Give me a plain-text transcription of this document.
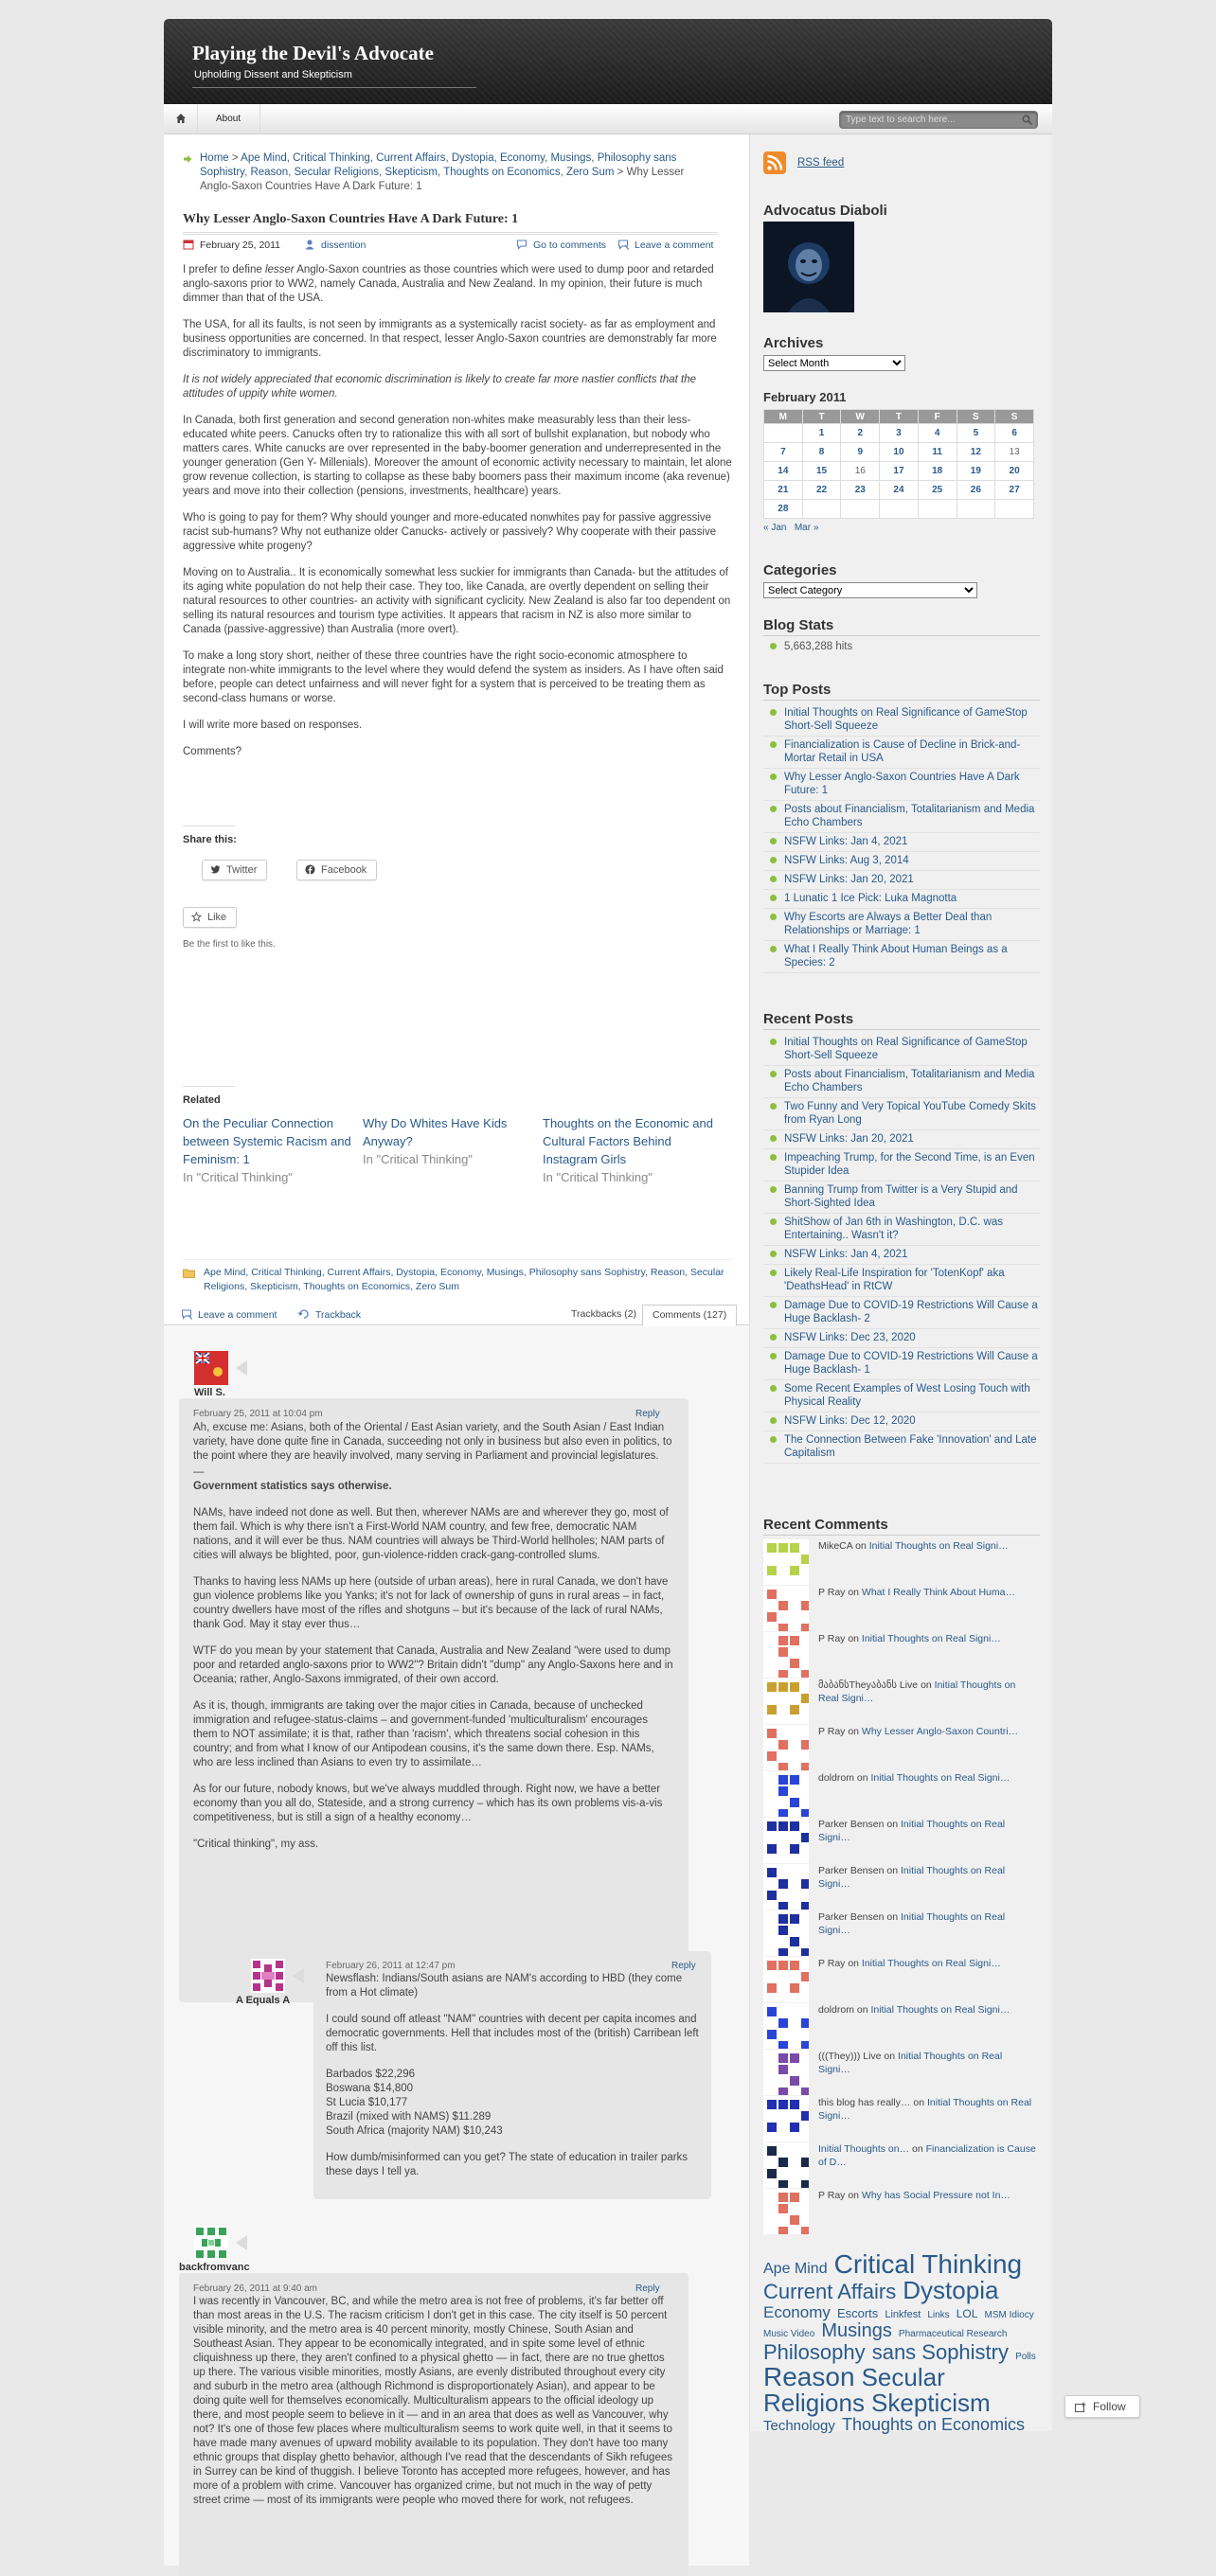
Playing the Devil's Advocate
Upholding Dissent and Skepticism
About
Type text to search here...
Home > Ape Mind, Critical Thinking, Current Affairs, Dystopia, Economy, Musings, Philosophy sans Sophistry, Reason, Secular Religions, Skepticism, Thoughts on Economics, Zero Sum > Why Lesser Anglo-Saxon Countries Have A Dark Future: 1
Why Lesser Anglo-Saxon Countries Have A Dark Future: 1
February 25, 2011	dissention	Go to comments	Leave a comment

I prefer to define lesser Anglo-Saxon countries as those countries which were used to dump poor and retarded anglo-saxons prior to WW2, namely Canada, Australia and New Zealand. In my opinion, their future is much dimmer than that of the USA.

The USA, for all its faults, is not seen by immigrants as a systemically racist society- as far as employment and business opportunities are concerned. In that respect, lesser Anglo-Saxon countries are demonstrably far more discriminatory to immigrants.

It is not widely appreciated that economic discrimination is likely to create far more nastier conflicts that the attitudes of uppity white women.

In Canada, both first generation and second generation non-whites make measurably less than their less-educated white peers. Canucks often try to rationalize this with all sort of bullshit explanation, but nobody who matters cares. White canucks are over represented in the baby-boomer generation and underrepresented in the younger generation (Gen Y- Millenials). Moreover the amount of economic activity necessary to maintain, let alone grow revenue collection, is starting to collapse as these baby boomers pass their maximum income (aka revenue) years and move into their collection (pensions, investments, healthcare) years.

Who is going to pay for them? Why should younger and more-educated nonwhites pay for passive aggressive racist sub-humans? Why not euthanize older Canucks- actively or passively? Why cooperate with their passive aggressive white progeny?

Moving on to Australia.. It is economically somewhat less suckier for immigrants than Canada- but the attitudes of its aging white population do not help their case. They too, like Canada, are overtly dependent on selling their natural resources to other countries- an activity with significant cyclicity. New Zealand is also far too dependent on selling its natural resources and tourism type activities. It appears that racism in NZ is also more similar to Canada (passive-aggressive) than Australia (more overt).

To make a long story short, neither of these three countries have the right socio-economic atmosphere to integrate non-white immigrants to the level where they would defend the system as insiders. As I have often said before, people can detect unfairness and will never fight for a system that is perceived to be treating them as second-class humans or worse.

I will write more based on responses.

Comments?

Share this:
Twitter	Facebook
Like
Be the first to like this.
Related
On the Peculiar Connection between Systemic Racism and Feminism: 1
In "Critical Thinking"
Why Do Whites Have Kids Anyway?
In "Critical Thinking"
Thoughts on the Economic and Cultural Factors Behind Instagram Girls
In "Critical Thinking"
Ape Mind, Critical Thinking, Current Affairs, Dystopia, Economy, Musings, Philosophy sans Sophistry, Reason, Secular Religions, Skepticism, Thoughts on Economics, Zero Sum
Leave a comment	Trackback	Trackbacks (2)	Comments (127)
Will S.
February 25, 2011 at 10:04 pm	Reply

Ah, excuse me: Asians, both of the Oriental / East Asian variety, and the South Asian / East Indian variety, have done quite fine in Canada, succeeding not only in business but also even in politics, to the point where they are heavily involved, many serving in Parliament and provincial legislatures.

—

Government statistics says otherwise.

NAMs, have indeed not done as well. But then, wherever NAMs are and wherever they go, most of them fail. Which is why there isn't a First-World NAM country, and few free, democratic NAM nations, and it will ever be thus. NAM countries will always be Third-World hellholes; NAM parts of cities will always be blighted, poor, gun-violence-ridden crack-gang-controlled slums.

Thanks to having less NAMs up here (outside of urban areas), here in rural Canada, we don't have gun violence problems like you Yanks; it's not for lack of ownership of guns in rural areas – in fact, country dwellers have most of the rifles and shotguns – but it's because of the lack of rural NAMs, thank God. May it stay ever thus…

WTF do you mean by your statement that Canada, Australia and New Zealand "were used to dump poor and retarded anglo-saxons prior to WW2"? Britain didn't "dump" any Anglo-Saxons here and in Oceania; rather, Anglo-Saxons immigrated, of their own accord.

As it is, though, immigrants are taking over the major cities in Canada, because of unchecked immigration and refugee-status-claims – and government-funded 'multiculturalism' encourages them to NOT assimilate; it is that, rather than 'racism', which threatens social cohesion in this country; and from what I know of our Antipodean cousins, it's the same down there. Esp. NAMs, who are less inclined than Asians to even try to assimilate…

As for our future, nobody knows, but we've always muddled through. Right now, we have a better economy than you all do, Stateside, and a strong currency – which has its own problems vis-a-vis competitiveness, but is still a sign of a healthy economy…

"Critical thinking", my ass.

A Equals A
February 26, 2011 at 12:47 pm	Reply

Newsflash: Indians/South asians are NAM's according to HBD (they come from a Hot climate)

I could sound off atleast "NAM" countries with decent per capita incomes and democratic governments. Hell that includes most of the (british) Carribean left off this list.

Barbados $22,296
Boswana $14,800
St Lucia $10,177
Brazil (mixed with NAMS) $11.289
South Africa (majority NAM) $10,243

How dumb/misinformed can you get? The state of education in trailer parks these days I tell ya.

backfromvanc
February 26, 2011 at 9:40 am	Reply

I was recently in Vancouver, BC, and while the metro area is not free of problems, it's far better off than most areas in the U.S. The racism criticism I don't get in this case. The city itself is 50 percent visible minority, and the metro area is 40 percent minority, mostly Chinese, South Asian and Southeast Asian. They appear to be economically integrated, and in spite some level of ethnic cliquishness up there, they aren't confined to a physical ghetto — in fact, there are no true ghettos up there. The various visible minorities, mostly Asians, are evenly distributed throughout every city and suburb in the metro area (although Richmond is disproportionately Asian), and appear to be doing quite well for themselves economically. Multiculturalism appears to the official ideology up there, and most people seem to believe in it — and in an area that does as well as Vancouver, why not? It's one of those few places where multiculturalism seems to work quite well, in that it seems to have made many avenues of upward mobility available to its population. They don't have too many ethnic groups that display ghetto behavior, although I've read that the descendants of Sikh refugees in Surrey can be kind of thuggish. I believe Toronto has accepted more refugees, however, and has more of a problem with crime. Vancouver has organized crime, but not much in the way of petty street crime — most of its immigrants were people who moved there for work, not refugees.

RSS feed
Advocatus Diaboli
Archives
Select Month
February 2011
M	T	W	T	F	S	S
	1	2	3	4	5	6
7	8	9	10	11	12	13
14	15	16	17	18	19	20
21	22	23	24	25	26	27
28						
« Jan Mar »
Categories
Select Category
Blog Stats
5,663,288 hits
Top Posts
Initial Thoughts on Real Significance of GameStop Short-Sell Squeeze
Financialization is Cause of Decline in Brick-and-Mortar Retail in USA
Why Lesser Anglo-Saxon Countries Have A Dark Future: 1
Posts about Financialism, Totalitarianism and Media Echo Chambers
NSFW Links: Jan 4, 2021
NSFW Links: Aug 3, 2014
NSFW Links: Jan 20, 2021
1 Lunatic 1 Ice Pick: Luka Magnotta
Why Escorts are Always a Better Deal than Relationships or Marriage: 1
What I Really Think About Human Beings as a Species: 2
Recent Posts
Initial Thoughts on Real Significance of GameStop Short-Sell Squeeze
Posts about Financialism, Totalitarianism and Media Echo Chambers
Two Funny and Very Topical YouTube Comedy Skits from Ryan Long
NSFW Links: Jan 20, 2021
Impeaching Trump, for the Second Time, is an Even Stupider Idea
Banning Trump from Twitter is a Very Stupid and Short-Sighted Idea
ShitShow of Jan 6th in Washington, D.C. was Entertaining.. Wasn't it?
NSFW Links: Jan 4, 2021
Likely Real-Life Inspiration for 'TotenKopf' aka 'DeathsHead' in RtCW
Damage Due to COVID-19 Restrictions Will Cause a Huge Backlash- 2
NSFW Links: Dec 23, 2020
Damage Due to COVID-19 Restrictions Will Cause a Huge Backlash- 1
Some Recent Examples of West Losing Touch with Physical Reality
NSFW Links: Dec 12, 2020
The Connection Between Fake 'Innovation' and Late Capitalism
Recent Comments
MikeCA on Initial Thoughts on Real Signi…
P Ray on What I Really Think About Huma…
P Ray on Initial Thoughts on Real Signi…
მაბანსTheyაბანს Live on Initial Thoughts on Real Signi…
P Ray on Why Lesser Anglo-Saxon Countri…
doldrom on Initial Thoughts on Real Signi…
Parker Bensen on Initial Thoughts on Real Signi…
Parker Bensen on Initial Thoughts on Real Signi…
Parker Bensen on Initial Thoughts on Real Signi…
P Ray on Initial Thoughts on Real Signi…
doldrom on Initial Thoughts on Real Signi…
(((They))) Live on Initial Thoughts on Real Signi…
this blog has really… on Initial Thoughts on Real Signi…
Initial Thoughts on… on Financialization is Cause of D…
P Ray on Why has Social Pressure not In…
Ape Mind Critical Thinking Current Affairs Dystopia Economy Escorts Linkfest Links LOL MSM Idiocy Music Video Musings Pharmaceutical Research Philosophy sans Sophistry Polls Reason Secular Religions Skepticism Technology Thoughts on Economics
Follow
